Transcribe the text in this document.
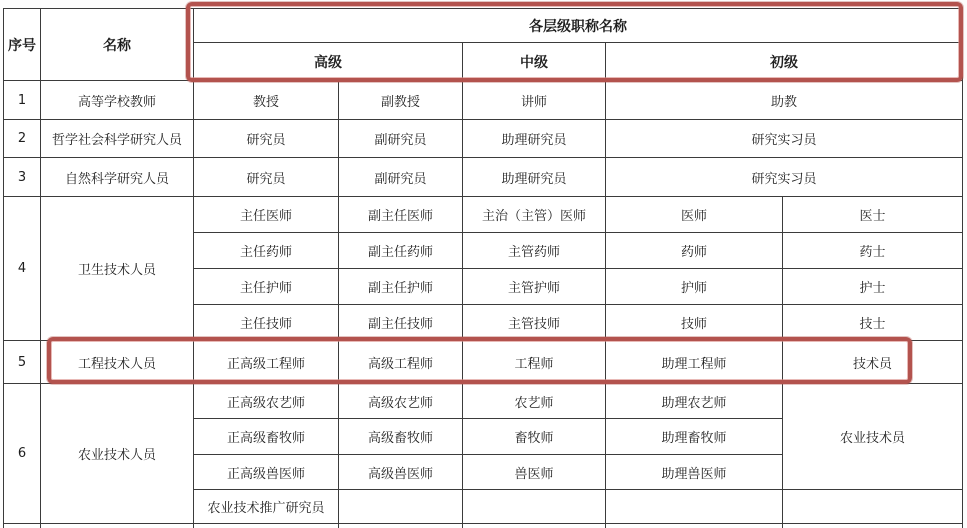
序号	名称	各层级职称名称				
		高级		中级	初级	
1	高等学校教师	教授	副教授	讲师	助教	
2	哲学社会科学研究人员	研究员	副研究员	助理研究员	研究实习员	
3	自然科学研究人员	研究员	副研究员	助理研究员	研究实习员	
4	卫生技术人员	主任医师	副主任医师	主治（主管）医师	医师	医士
		主任药师	副主任药师	主管药师	药师	药士
		主任护师	副主任护师	主管护师	护师	护士
		主任技师	副主任技师	主管技师	技师	技士
5	工程技术人员	正高级工程师	高级工程师	工程师	助理工程师	技术员
6	农业技术人员	正高级农艺师	高级农艺师	农艺师	助理农艺师	农业技术员
		正高级畜牧师	高级畜牧师	畜牧师	助理畜牧师	
		正高级兽医师	高级兽医师	兽医师	助理兽医师	
		农业技术推广研究员				
